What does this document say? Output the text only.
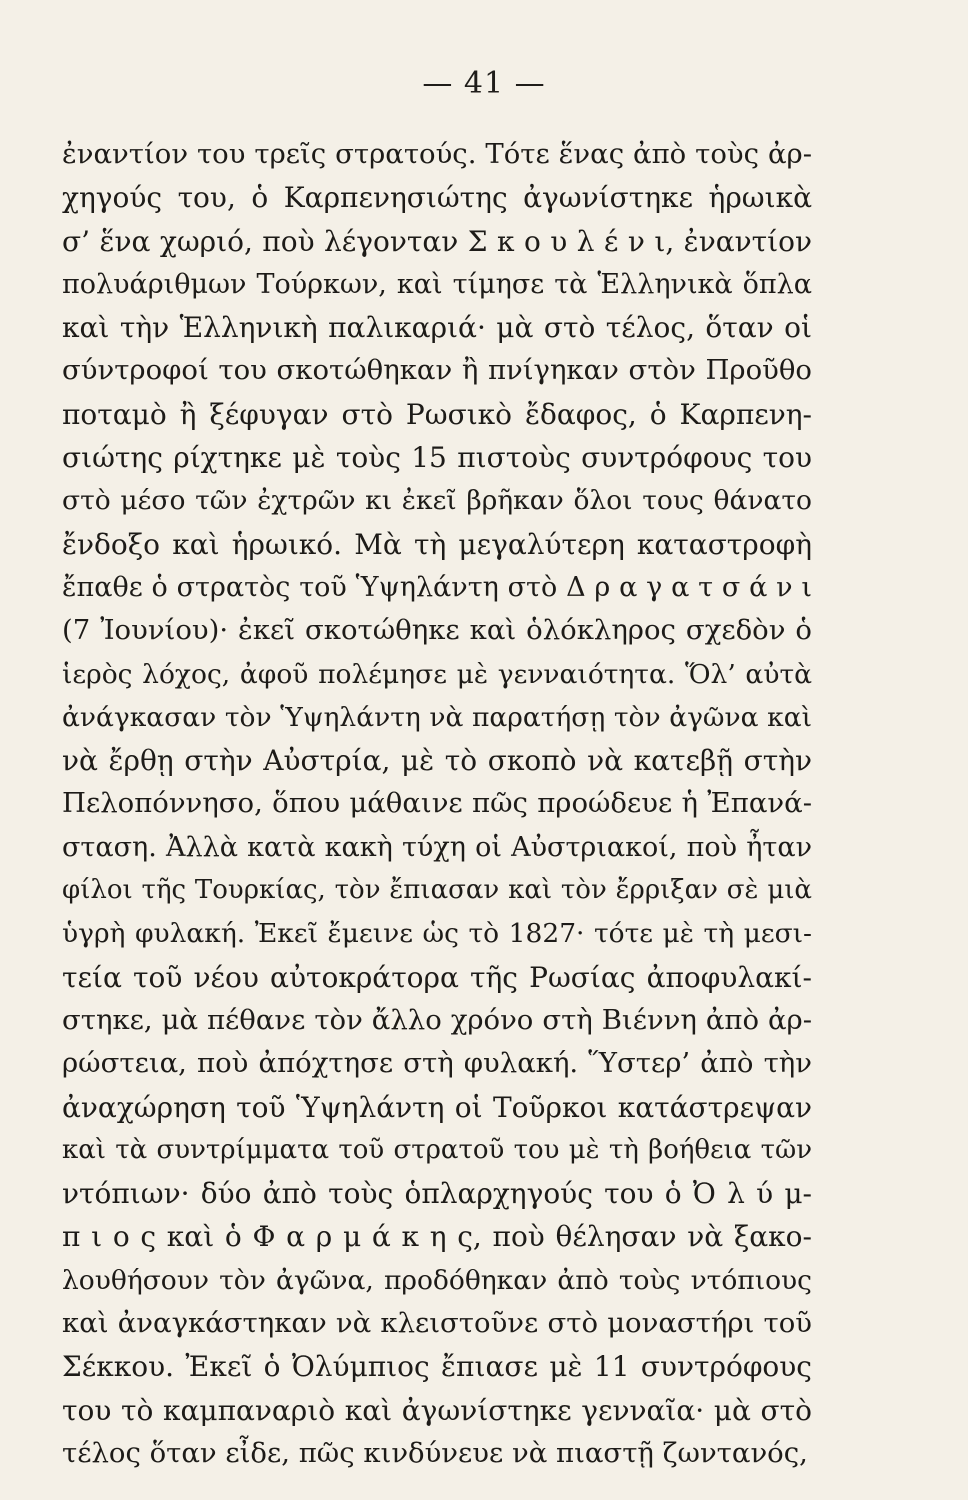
— 41 —
ἐναντίον του τρεῖς στρατούς. Τότε ἕνας ἀπὸ τοὺς ἀρ-
χηγούς του, ὁ Καρπενησιώτης ἀγωνίστηκε ἡρωικὰ
σ’ ἕνα χωριό, ποὺ λέγονταν Σ κ ο υ λ έ ν ι, ἐναντίον
πολυάριθμων Τούρκων, καὶ τίμησε τὰ Ἑλληνικὰ ὅπλα
καὶ τὴν Ἑλληνικὴ παλικαριά· μὰ στὸ τέλος, ὅταν οἱ
σύντροφοί του σκοτώθηκαν ἢ πνίγηκαν στὸν Προῦθο
ποταμὸ ἢ ξέφυγαν στὸ Ρωσικὸ ἔδαφος, ὁ Καρπενη-
σιώτης ρίχτηκε μὲ τοὺς 15 πιστοὺς συντρόφους του
στὸ μέσο τῶν ἐχτρῶν κι ἐκεῖ βρῆκαν ὅλοι τους θάνατο
ἔνδοξο καὶ ἡρωικό. Μὰ τὴ μεγαλύτερη καταστροφὴ
ἔπαθε ὁ στρατὸς τοῦ Ὑψηλάντη στὸ Δ ρ α γ α τ σ ά ν ι
(7 Ἰουνίου)· ἐκεῖ σκοτώθηκε καὶ ὁλόκληρος σχεδὸν ὁ
ἱερὸς λόχος, ἀφοῦ πολέμησε μὲ γενναιότητα. Ὅλ’ αὐτὰ
ἀνάγκασαν τὸν Ὑψηλάντη νὰ παρατήσῃ τὸν ἀγῶνα καὶ
νὰ ἔρθῃ στὴν Αὐστρία, μὲ τὸ σκοπὸ νὰ κατεβῇ στὴν
Πελοπόννησο, ὅπου μάθαινε πῶς προώδευε ἡ Ἐπανά-
σταση. Ἀλλὰ κατὰ κακὴ τύχη οἱ Αὐστριακοί, ποὺ ἦταν
φίλοι τῆς Τουρκίας, τὸν ἔπιασαν καὶ τὸν ἔρριξαν σὲ μιὰ
ὑγρὴ φυλακή. Ἐκεῖ ἔμεινε ὡς τὸ 1827· τότε μὲ τὴ μεσι-
τεία τοῦ νέου αὐτοκράτορα τῆς Ρωσίας ἀποφυλακί-
στηκε, μὰ πέθανε τὸν ἄλλο χρόνο στὴ Βιέννη ἀπὸ ἀρ-
ρώστεια, ποὺ ἀπόχτησε στὴ φυλακή. Ὕστερ’ ἀπὸ τὴν
ἀναχώρηση τοῦ Ὑψηλάντη οἱ Τοῦρκοι κατάστρεψαν
καὶ τὰ συντρίμματα τοῦ στρατοῦ του μὲ τὴ βοήθεια τῶν
ντόπιων· δύο ἀπὸ τοὺς ὁπλαρχηγούς του ὁ Ὀ λ ύ μ-
π ι ο ς καὶ ὁ Φ α ρ μ ά κ η ς, ποὺ θέλησαν νὰ ξακο-
λουθήσουν τὸν ἀγῶνα, προδόθηκαν ἀπὸ τοὺς ντόπιους
καὶ ἀναγκάστηκαν νὰ κλειστοῦνε στὸ μοναστήρι τοῦ
Σέκκου. Ἐκεῖ ὁ Ὀλύμπιος ἔπιασε μὲ 11 συντρόφους
του τὸ καμπαναριὸ καὶ ἀγωνίστηκε γενναῖα· μὰ στὸ
τέλος ὅταν εἶδε, πῶς κινδύνευε νὰ πιαστῇ ζωντανός,
